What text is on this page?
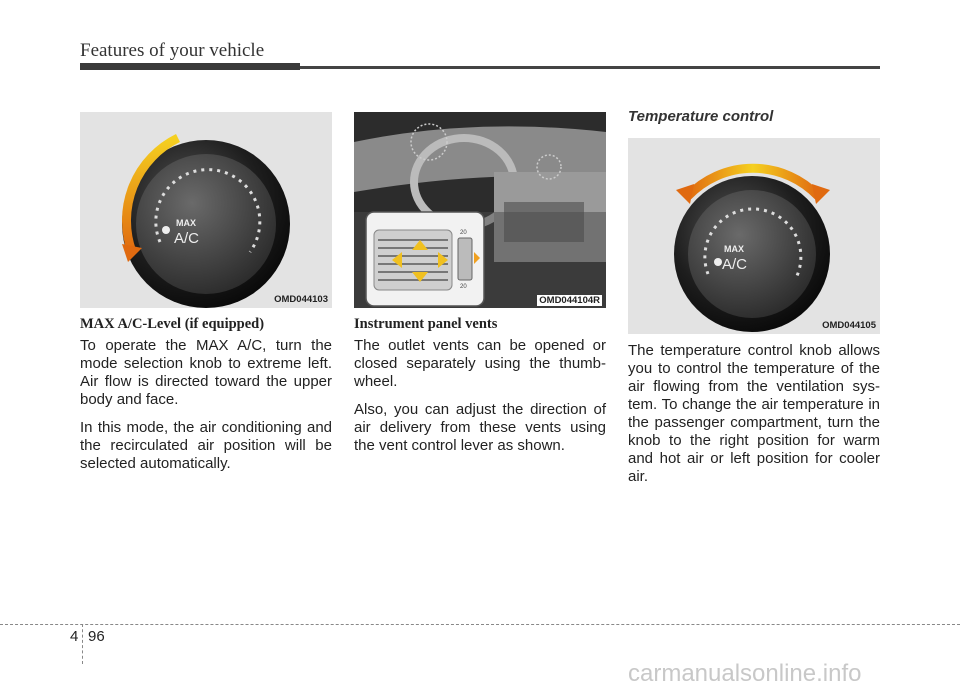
Features of your vehicle
MAX
A/C
OMD044103
20
20
OMD044104R
MAX
A/C
OMD044105
MAX A/C-Level (if equipped)

To operate the MAX A/C, turn the mode selection knob to extreme left. Air flow is directed toward the upper body and face.

In this mode, the air conditioning and the recirculated air position will be selected automatically.

Instrument panel vents

The outlet vents can be opened or closed separately using the thumb-wheel.

Also, you can adjust the direction of air delivery from these vents using the vent control lever as shown.

Temperature control

The temperature control knob allows you to control the temperature of the air flowing from the ventilation sys-tem. To change the air temperature in the passenger compartment, turn the knob to the right position for warm and hot air or left position for cooler air.

4 96
carmanualsonline.info
